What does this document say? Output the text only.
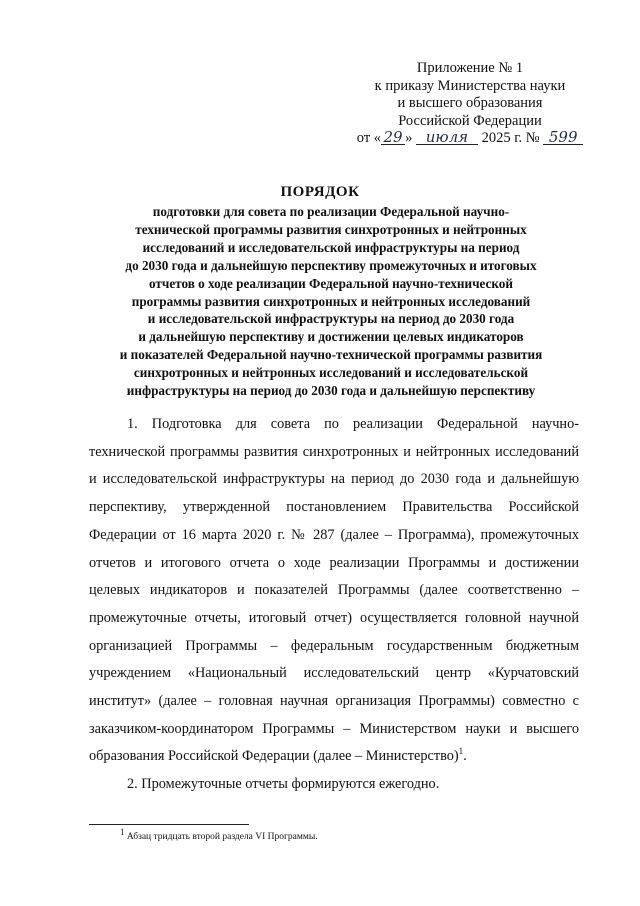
Приложение № 1
к приказу Министерства науки
и высшего образования
Российской Федерации
от « 29 » июля 2025 г. № 599
ПОРЯДОК
подготовки для совета по реализации Федеральной научно-
технической программы развития синхротронных и нейтронных
исследований и исследовательской инфраструктуры на период
до 2030 года и дальнейшую перспективу промежуточных и итоговых
отчетов о ходе реализации Федеральной научно-технической
программы развития синхротронных и нейтронных исследований
и исследовательской инфраструктуры на период до 2030 года
и дальнейшую перспективу и достижении целевых индикаторов
и показателей Федеральной научно-технической программы развития
синхротронных и нейтронных исследований и исследовательской
инфраструктуры на период до 2030 года и дальнейшую перспективу

1. Подготовка для совета по реализации Федеральной научно-технической программы развития синхротронных и нейтронных исследований и исследовательской инфраструктуры на период до 2030 года и дальнейшую перспективу, утвержденной постановлением Правительства Российской Федерации от 16 марта 2020 г. № 287 (далее – Программа), промежуточных отчетов и итогового отчета о ходе реализации Программы и достижении целевых индикаторов и показателей Программы (далее соответственно – промежуточные отчеты, итоговый отчет) осуществляется головной научной организацией Программы – федеральным государственным бюджетным учреждением «Национальный исследовательский центр «Курчатовский институт» (далее – головная научная организация Программы) совместно с заказчиком-координатором Программы – Министерством науки и высшего образования Российской Федерации (далее – Министерство)$^1$.

2. Промежуточные отчеты формируются ежегодно.

$^1$ Абзац тридцать второй раздела VI Программы.
